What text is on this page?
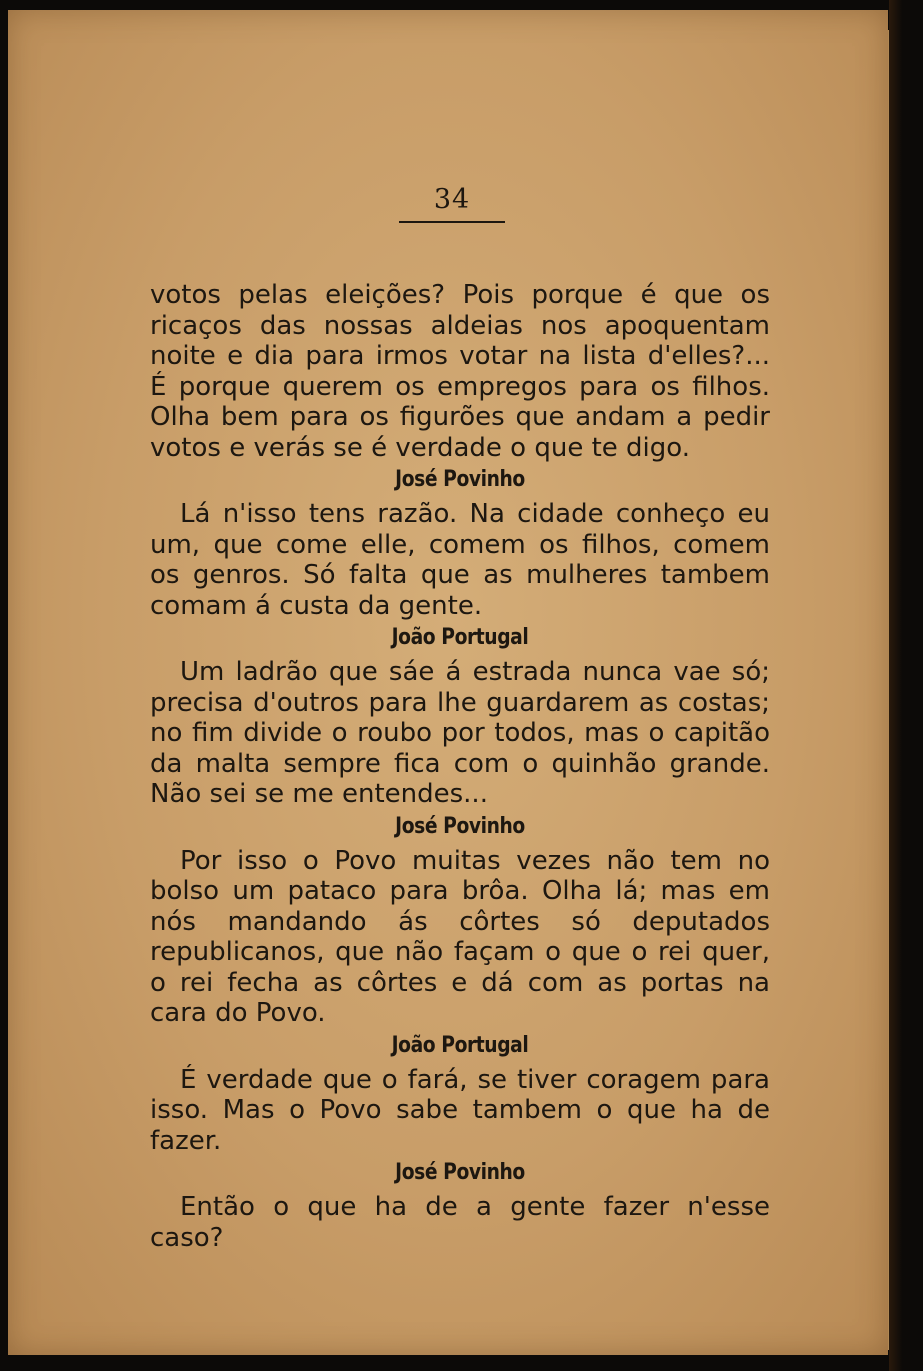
34

votos pelas eleições? Pois porque é que os ricaços das nossas aldeias nos apoquentam noite e dia para irmos votar na lista d'elles?... É porque querem os empregos para os filhos. Olha bem para os figurões que andam a pedir votos e verás se é verdade o que te digo.

José Povinho

Lá n'isso tens razão. Na cidade conheço eu um, que come elle, comem os filhos, comem os genros. Só falta que as mulheres tambem comam á custa da gente.

João Portugal

Um ladrão que sáe á estrada nunca vae só; precisa d'outros para lhe guardarem as costas; no fim divide o roubo por todos, mas o capitão da malta sempre fica com o quinhão grande. Não sei se me entendes...

José Povinho

Por isso o Povo muitas vezes não tem no bolso um pataco para brôa. Olha lá; mas em nós mandando ás côrtes só deputados republicanos, que não façam o que o rei quer, o rei fecha as côrtes e dá com as portas na cara do Povo.

João Portugal

É verdade que o fará, se tiver coragem para isso. Mas o Povo sabe tambem o que ha de fazer.

José Povinho

Então o que ha de a gente fazer n'esse caso?
